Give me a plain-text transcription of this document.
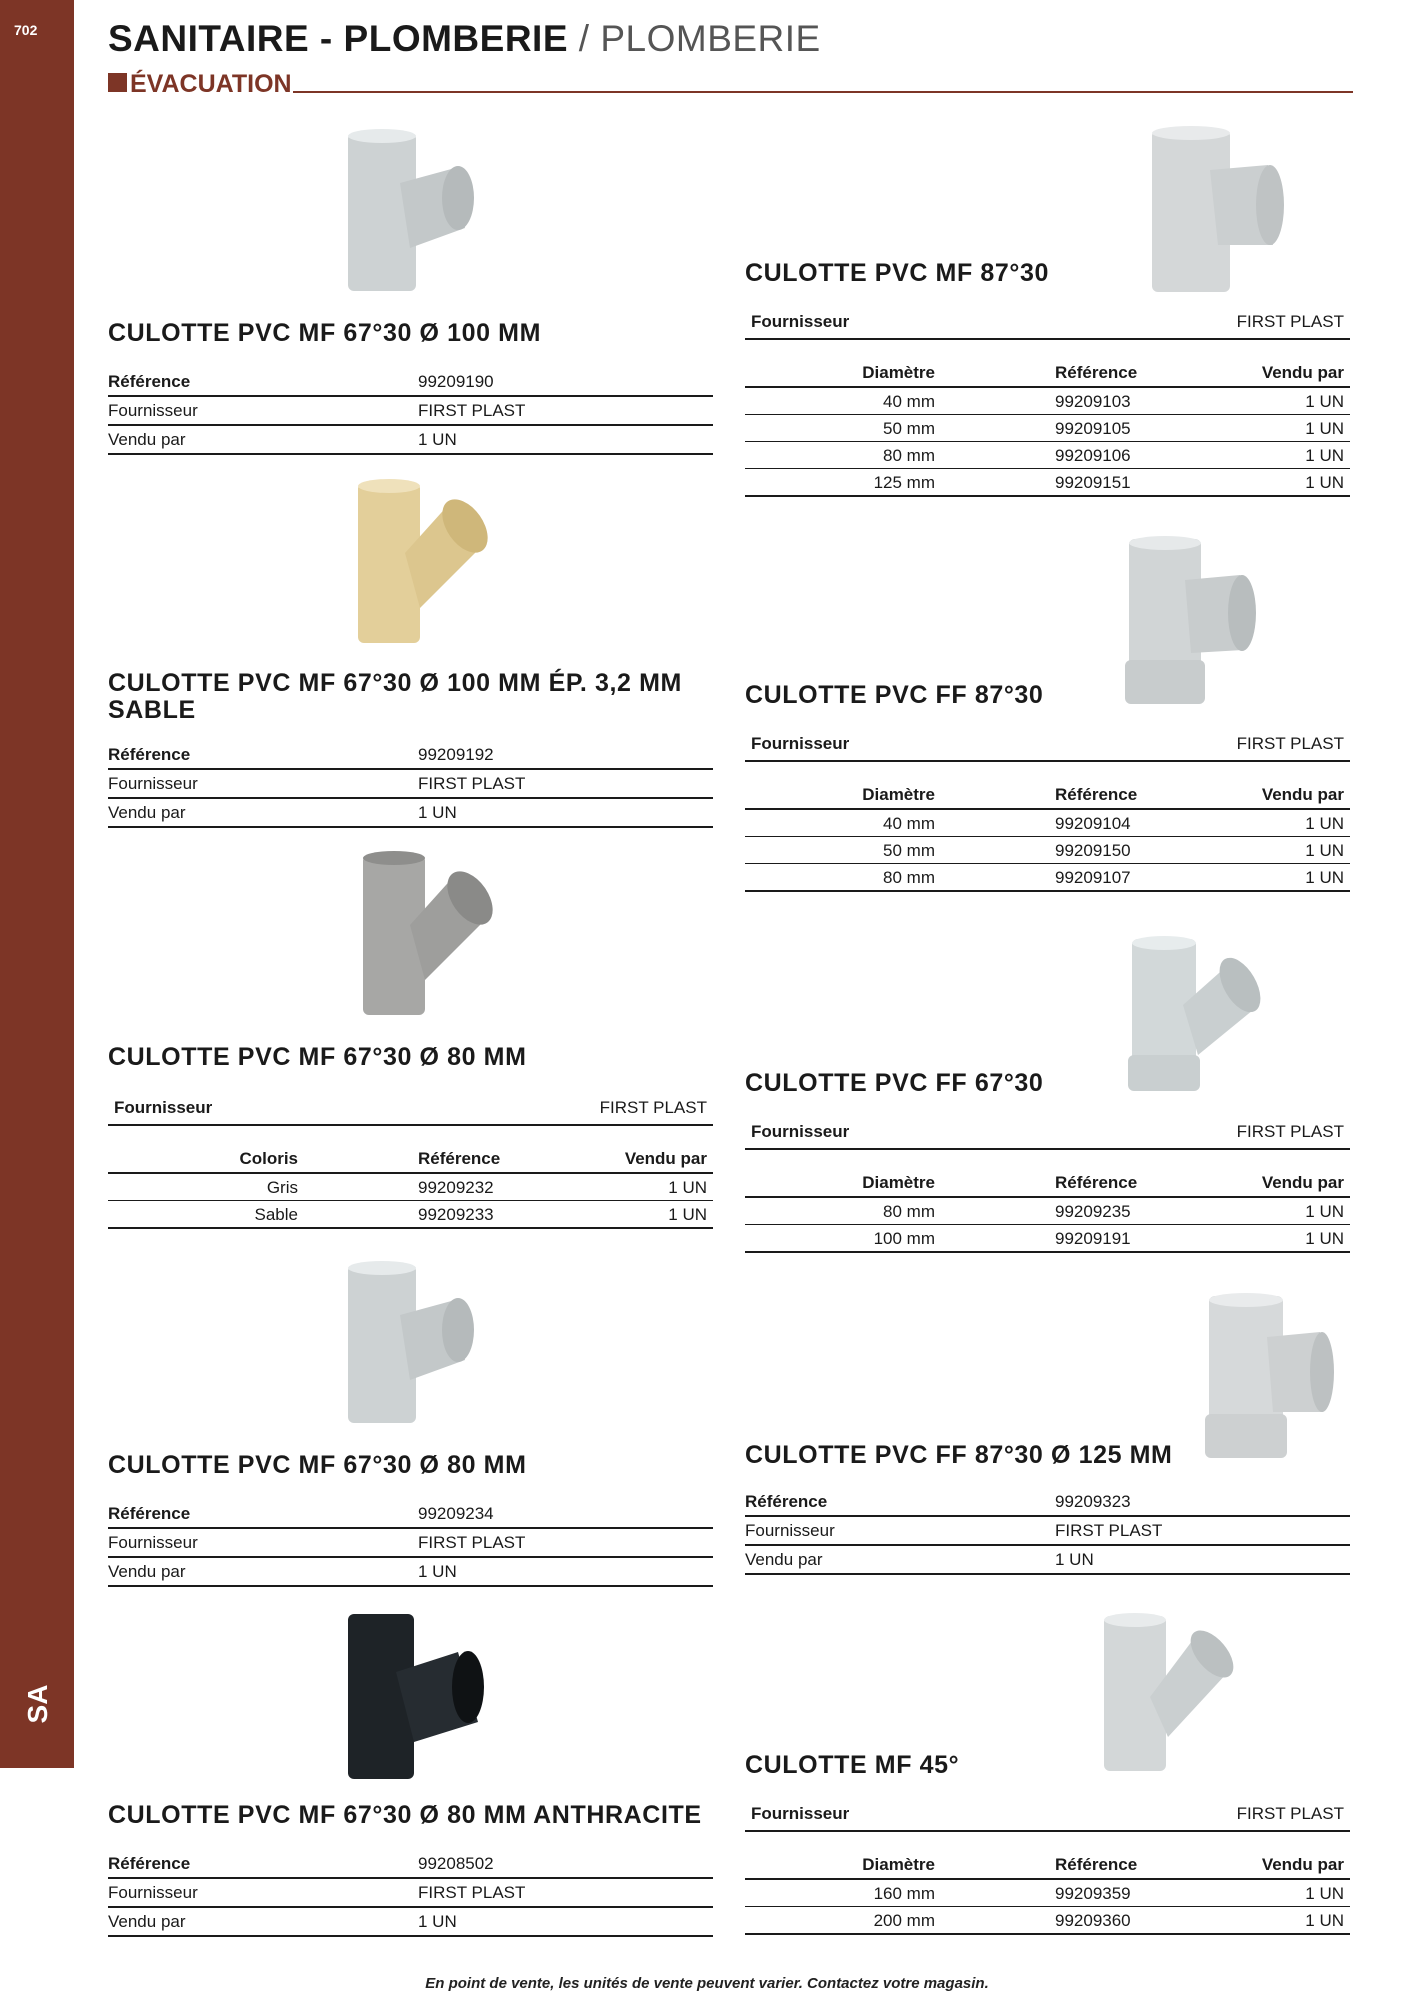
702
SA
SANITAIRE - PLOMBERIE / PLOMBERIE
ÉVACUATION
CULOTTE PVC MF 67°30 Ø 100 MM
Référence	99209190
Fournisseur	FIRST PLAST
Vendu par	1 UN
CULOTTE PVC MF 67°30 Ø 100 MM ÉP. 3,2 MM SABLE
Référence	99209192
Fournisseur	FIRST PLAST
Vendu par	1 UN
CULOTTE PVC MF 67°30 Ø 80 MM
Fournisseur	FIRST PLAST
Coloris	Référence	Vendu par
Gris	99209232	1 UN
Sable	99209233	1 UN
CULOTTE PVC MF 67°30 Ø 80 MM
Référence	99209234
Fournisseur	FIRST PLAST
Vendu par	1 UN
CULOTTE PVC MF 67°30 Ø 80 MM ANTHRACITE
Référence	99208502
Fournisseur	FIRST PLAST
Vendu par	1 UN
CULOTTE PVC MF 87°30
Fournisseur	FIRST PLAST
Diamètre	Référence	Vendu par
40 mm	99209103	1 UN
50 mm	99209105	1 UN
80 mm	99209106	1 UN
125 mm	99209151	1 UN
CULOTTE PVC FF 87°30
Fournisseur	FIRST PLAST
Diamètre	Référence	Vendu par
40 mm	99209104	1 UN
50 mm	99209150	1 UN
80 mm	99209107	1 UN
CULOTTE PVC FF 67°30
Fournisseur	FIRST PLAST
Diamètre	Référence	Vendu par
80 mm	99209235	1 UN
100 mm	99209191	1 UN
CULOTTE PVC FF 87°30 Ø 125 MM
Référence	99209323
Fournisseur	FIRST PLAST
Vendu par	1 UN
CULOTTE MF 45°
Fournisseur	FIRST PLAST
Diamètre	Référence	Vendu par
160 mm	99209359	1 UN
200 mm	99209360	1 UN
En point de vente, les unités de vente peuvent varier. Contactez votre magasin.
